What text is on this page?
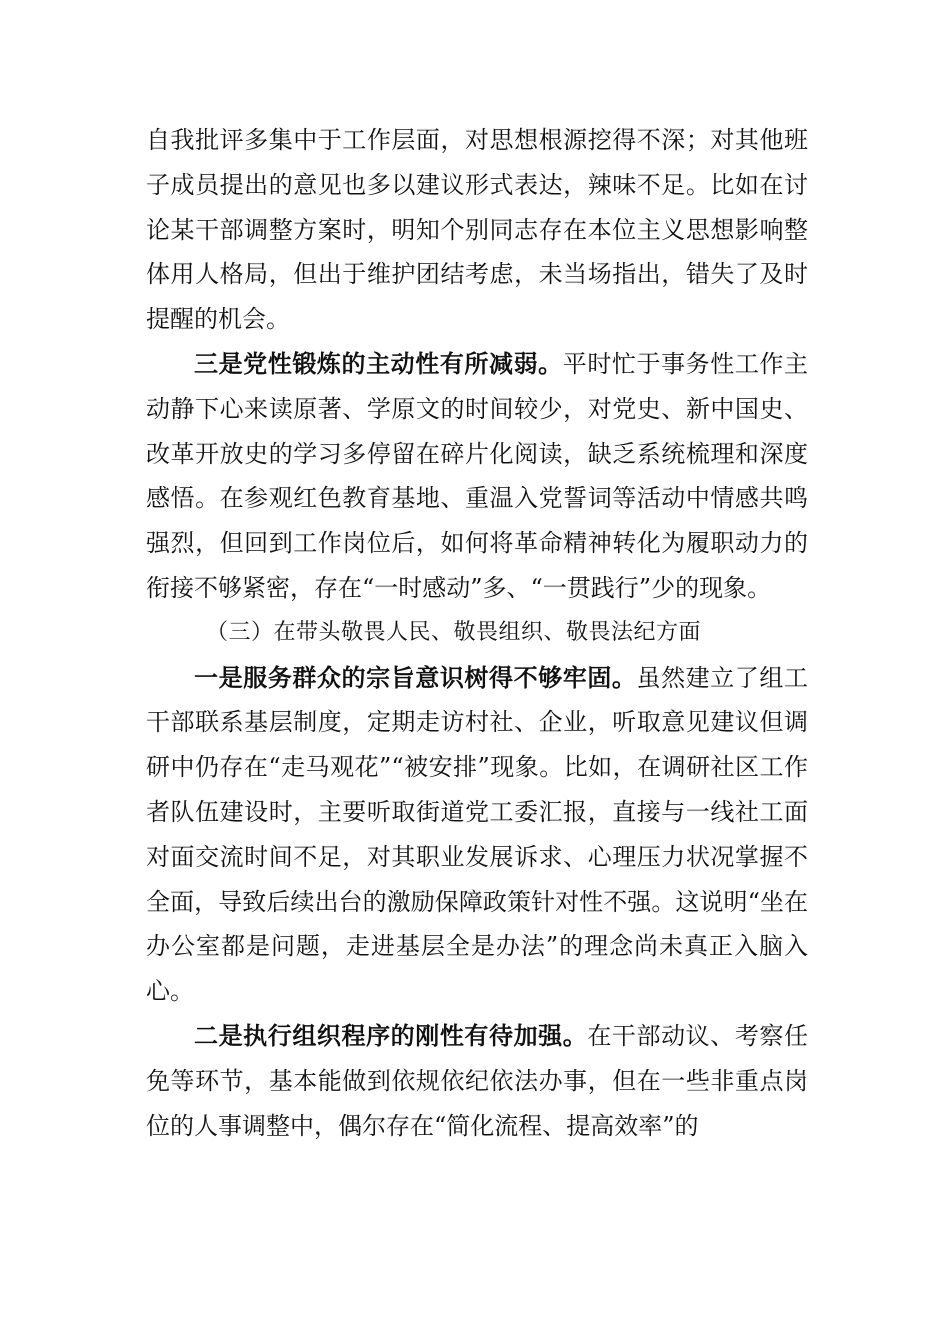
自我批评多集中于工作层面，对思想根源挖得不深；对其他班子成员提出的意见也多以建议形式表达，辣味不足。比如在讨论某干部调整方案时，明知个别同志存在本位主义思想影响整体用人格局，但出于维护团结考虑，未当场指出，错失了及时提醒的机会。

三是党性锻炼的主动性有所减弱。平时忙于事务性工作主动静下心来读原著、学原文的时间较少，对党史、新中国史、改革开放史的学习多停留在碎片化阅读，缺乏系统梳理和深度感悟。在参观红色教育基地、重温入党誓词等活动中情感共鸣强烈，但回到工作岗位后，如何将革命精神转化为履职动力的衔接不够紧密，存在“一时感动”多、“一贯践行”少的现象。

（三）在带头敬畏人民、敬畏组织、敬畏法纪方面

一是服务群众的宗旨意识树得不够牢固。虽然建立了组工干部联系基层制度，定期走访村社、企业，听取意见建议但调研中仍存在“走马观花”“被安排”现象。比如，在调研社区工作者队伍建设时，主要听取街道党工委汇报，直接与一线社工面对面交流时间不足，对其职业发展诉求、心理压力状况掌握不全面，导致后续出台的激励保障政策针对性不强。这说明“坐在办公室都是问题，走进基层全是办法”的理念尚未真正入脑入心。

二是执行组织程序的刚性有待加强。在干部动议、考察任免等环节，基本能做到依规依纪依法办事，但在一些非重点岗位的人事调整中，偶尔存在“简化流程、提高效率”的
